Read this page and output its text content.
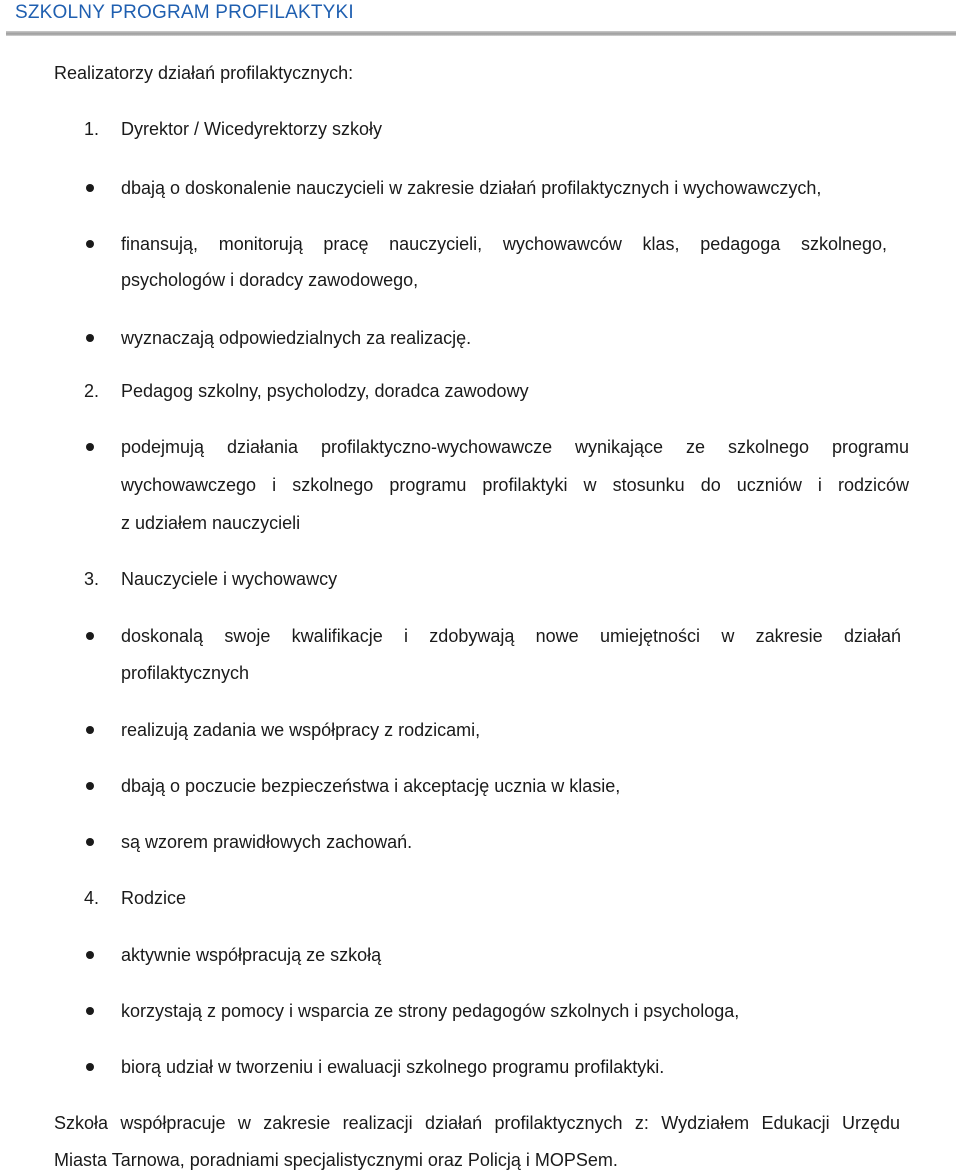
SZKOLNY PROGRAM PROFILAKTYKI
Realizatorzy działań profilaktycznych:
1. Dyrektor / Wicedyrektorzy szkoły
dbają o doskonalenie nauczycieli w zakresie działań profilaktycznych i wychowawczych,
finansują, monitorują pracę nauczycieli, wychowawców klas, pedagoga szkolnego,
psychologów i doradcy zawodowego,
wyznaczają odpowiedzialnych za realizację.
2. Pedagog szkolny, psycholodzy, doradca zawodowy
podejmują działania profilaktyczno-wychowawcze wynikające ze szkolnego programu
wychowawczego i szkolnego programu profilaktyki w stosunku do uczniów i rodziców
z udziałem nauczycieli
3. Nauczyciele i wychowawcy
doskonalą swoje kwalifikacje i zdobywają nowe umiejętności w zakresie działań
profilaktycznych
realizują zadania we współpracy z rodzicami,
dbają o poczucie bezpieczeństwa i akceptację ucznia w klasie,
są wzorem prawidłowych zachowań.
4. Rodzice
aktywnie współpracują ze szkołą
korzystają z pomocy i wsparcia ze strony pedagogów szkolnych i psychologa,
biorą udział w tworzeniu i ewaluacji szkolnego programu profilaktyki.
Szkoła współpracuje w zakresie realizacji działań profilaktycznych z: Wydziałem Edukacji Urzędu
Miasta Tarnowa, poradniami specjalistycznymi oraz Policją i MOPSem.
